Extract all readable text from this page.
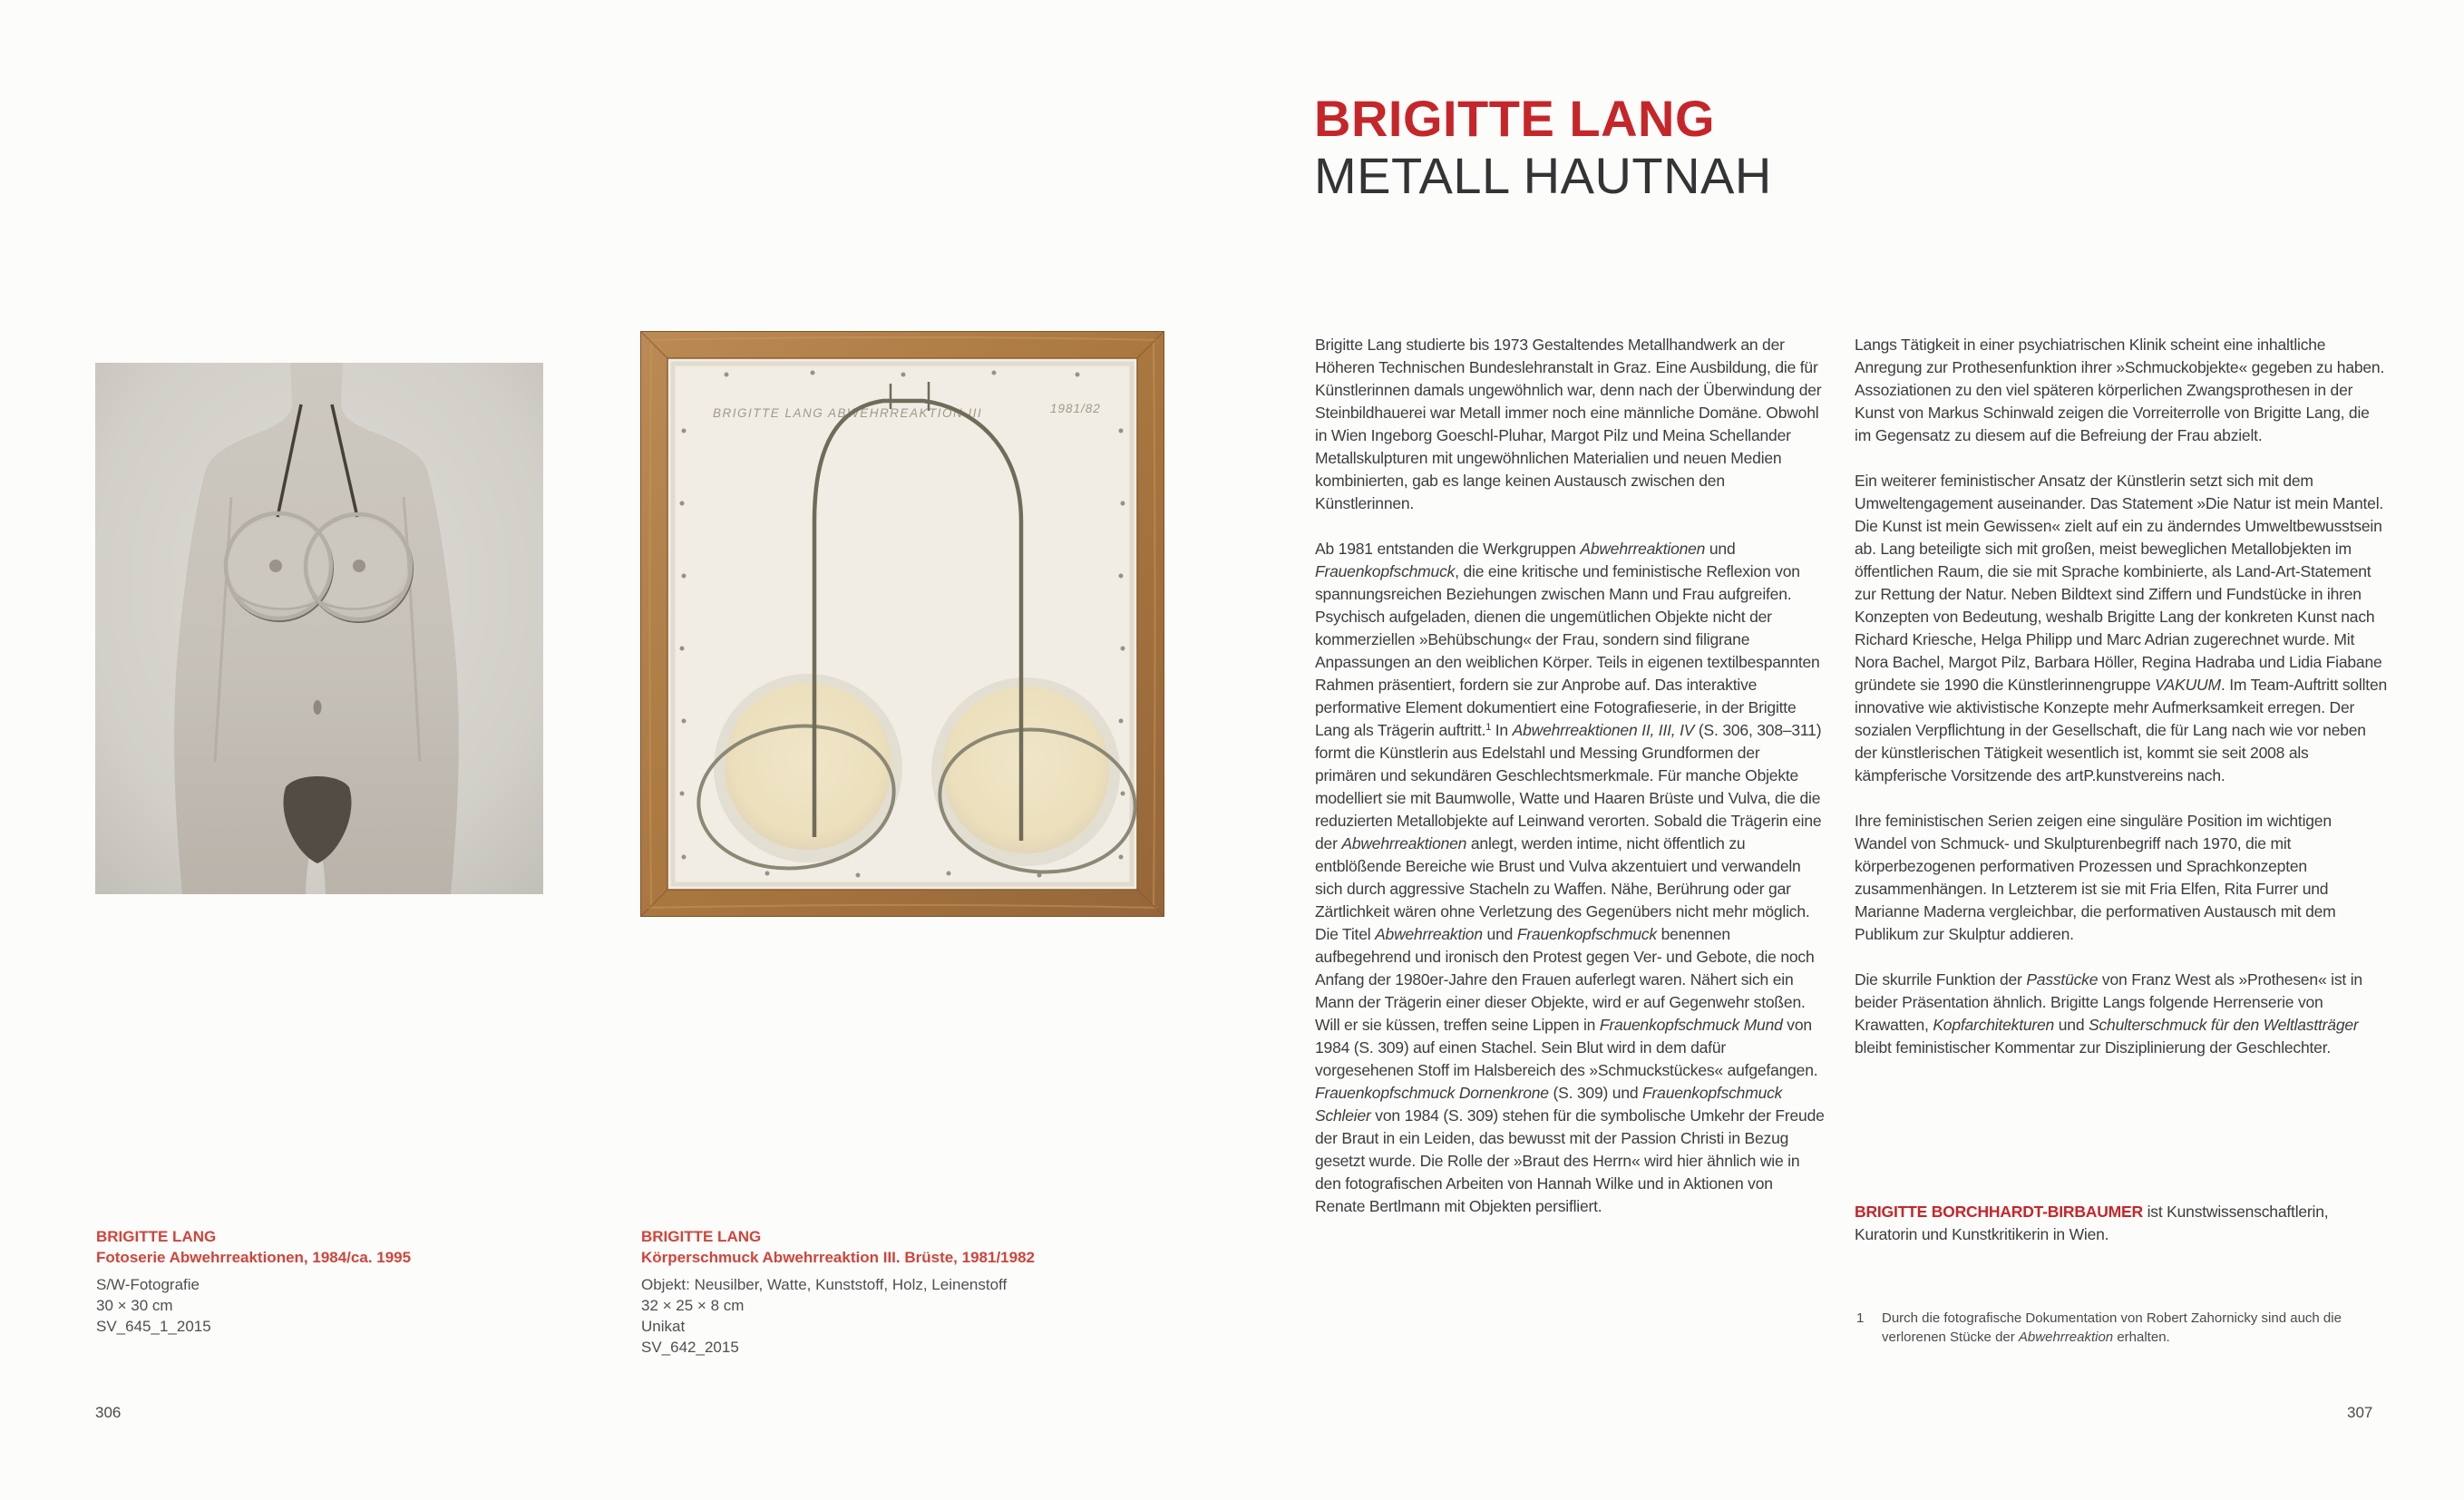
BRIGITTE LANG ABWEHRREAKTION III	1981/82
BRIGITTE LANG
Fotoserie Abwehrreaktionen, 1984/ca. 1995
S/W-Fotografie
30 × 30 cm
SV_645_1_2015
BRIGITTE LANG
Körperschmuck Abwehrreaktion III. Brüste, 1981/1982
Objekt: Neusilber, Watte, Kunststoff, Holz, Leinenstoff
32 × 25 × 8 cm
Unikat
SV_642_2015
306
BRIGITTE LANG
METALL HAUTNAH

Brigitte Lang studierte bis 1973 Gestaltendes Metallhandwerk an der Höheren Technischen Bundeslehranstalt in Graz. Eine Ausbildung, die für Künstlerinnen damals ungewöhnlich war, denn nach der Überwindung der Steinbildhauerei war Metall immer noch eine männliche Domäne. Obwohl in Wien Ingeborg Goeschl-Pluhar, Margot Pilz und Meina Schellander Metallskulpturen mit ungewöhnlichen Materialien und neuen Medien kombinierten, gab es lange keinen Austausch zwischen den Künstlerinnen.

Ab 1981 entstanden die Werkgruppen Abwehrreaktionen und Frauenkopfschmuck, die eine kritische und feministische Reflexion von spannungsreichen Beziehungen zwischen Mann und Frau aufgreifen. Psychisch aufgeladen, dienen die ungemütlichen Objekte nicht der kommerziellen »Behübschung« der Frau, sondern sind filigrane Anpassungen an den weiblichen Körper. Teils in eigenen textilbespannten Rahmen präsentiert, fordern sie zur Anprobe auf. Das interaktive performative Element dokumentiert eine Fotografieserie, in der Brigitte Lang als Trägerin auftritt.$^1$ In Abwehrreaktionen II, III, IV (S. 306, 308–311) formt die Künstlerin aus Edelstahl und Messing Grundformen der primären und sekundären Geschlechtsmerkmale. Für manche Objekte modelliert sie mit Baumwolle, Watte und Haaren Brüste und Vulva, die die reduzierten Metallobjekte auf Leinwand verorten. Sobald die Trägerin eine der Abwehrreaktionen anlegt, werden intime, nicht öffentlich zu entblößende Bereiche wie Brust und Vulva akzentuiert und verwandeln sich durch aggressive Stacheln zu Waffen. Nähe, Berührung oder gar Zärtlichkeit wären ohne Verletzung des Gegenübers nicht mehr möglich. Die Titel Abwehrreaktion und Frauenkopfschmuck benennen aufbegehrend und ironisch den Protest gegen Ver- und Gebote, die noch Anfang der 1980er-Jahre den Frauen auferlegt waren. Nähert sich ein Mann der Trägerin einer dieser Objekte, wird er auf Gegenwehr stoßen. Will er sie küssen, treffen seine Lippen in Frauenkopfschmuck Mund von 1984 (S. 309) auf einen Stachel. Sein Blut wird in dem dafür vorgesehenen Stoff im Halsbereich des »Schmuckstückes« aufgefangen. Frauenkopfschmuck Dornenkrone (S. 309) und Frauenkopfschmuck Schleier von 1984 (S. 309) stehen für die symbolische Umkehr der Freude der Braut in ein Leiden, das bewusst mit der Passion Christi in Bezug gesetzt wurde. Die Rolle der »Braut des Herrn« wird hier ähnlich wie in den fotografischen Arbeiten von Hannah Wilke und in Aktionen von Renate Bertlmann mit Objekten persifliert.

Langs Tätigkeit in einer psychiatrischen Klinik scheint eine inhaltliche Anregung zur Prothesenfunktion ihrer »Schmuckobjekte« gegeben zu haben. Assoziationen zu den viel späteren körperlichen Zwangsprothesen in der Kunst von Markus Schinwald zeigen die Vorreiterrolle von Brigitte Lang, die im Gegensatz zu diesem auf die Befreiung der Frau abzielt.

Ein weiterer feministischer Ansatz der Künstlerin setzt sich mit dem Umweltengagement auseinander. Das Statement »Die Natur ist mein Mantel. Die Kunst ist mein Gewissen« zielt auf ein zu änderndes Umweltbewusstsein ab. Lang beteiligte sich mit großen, meist beweglichen Metallobjekten im öffentlichen Raum, die sie mit Sprache kombinierte, als Land-Art-Statement zur Rettung der Natur. Neben Bildtext sind Ziffern und Fundstücke in ihren Konzepten von Bedeutung, weshalb Brigitte Lang der konkreten Kunst nach Richard Kriesche, Helga Philipp und Marc Adrian zugerechnet wurde. Mit Nora Bachel, Margot Pilz, Barbara Höller, Regina Hadraba und Lidia Fiabane gründete sie 1990 die Künstlerinnengruppe VAKUUM. Im Team-Auftritt sollten innovative wie aktivistische Konzepte mehr Aufmerksamkeit erregen. Der sozialen Verpflichtung in der Gesellschaft, die für Lang nach wie vor neben der künstlerischen Tätigkeit wesentlich ist, kommt sie seit 2008 als kämpferische Vorsitzende des artP.kunstvereins nach.

Ihre feministischen Serien zeigen eine singuläre Position im wichtigen Wandel von Schmuck- und Skulpturenbegriff nach 1970, die mit körperbezogenen performativen Prozessen und Sprachkonzepten zusammenhängen. In Letzterem ist sie mit Fria Elfen, Rita Furrer und Marianne Maderna vergleichbar, die performativen Austausch mit dem Publikum zur Skulptur addieren.

Die skurrile Funktion der Passtücke von Franz West als »Prothesen« ist in beider Präsentation ähnlich. Brigitte Langs folgende Herrenserie von Krawatten, Kopfarchitekturen und Schulterschmuck für den Weltlastträger bleibt feministischer Kommentar zur Disziplinierung der Geschlechter.

BRIGITTE BORCHHARDT-BIRBAUMER ist Kunstwissenschaftlerin, Kuratorin und Kunstkritikerin in Wien.

1	Durch die fotografische Dokumentation von Robert Zahornicky sind auch die verlorenen Stücke der Abwehrreaktion erhalten.

307
